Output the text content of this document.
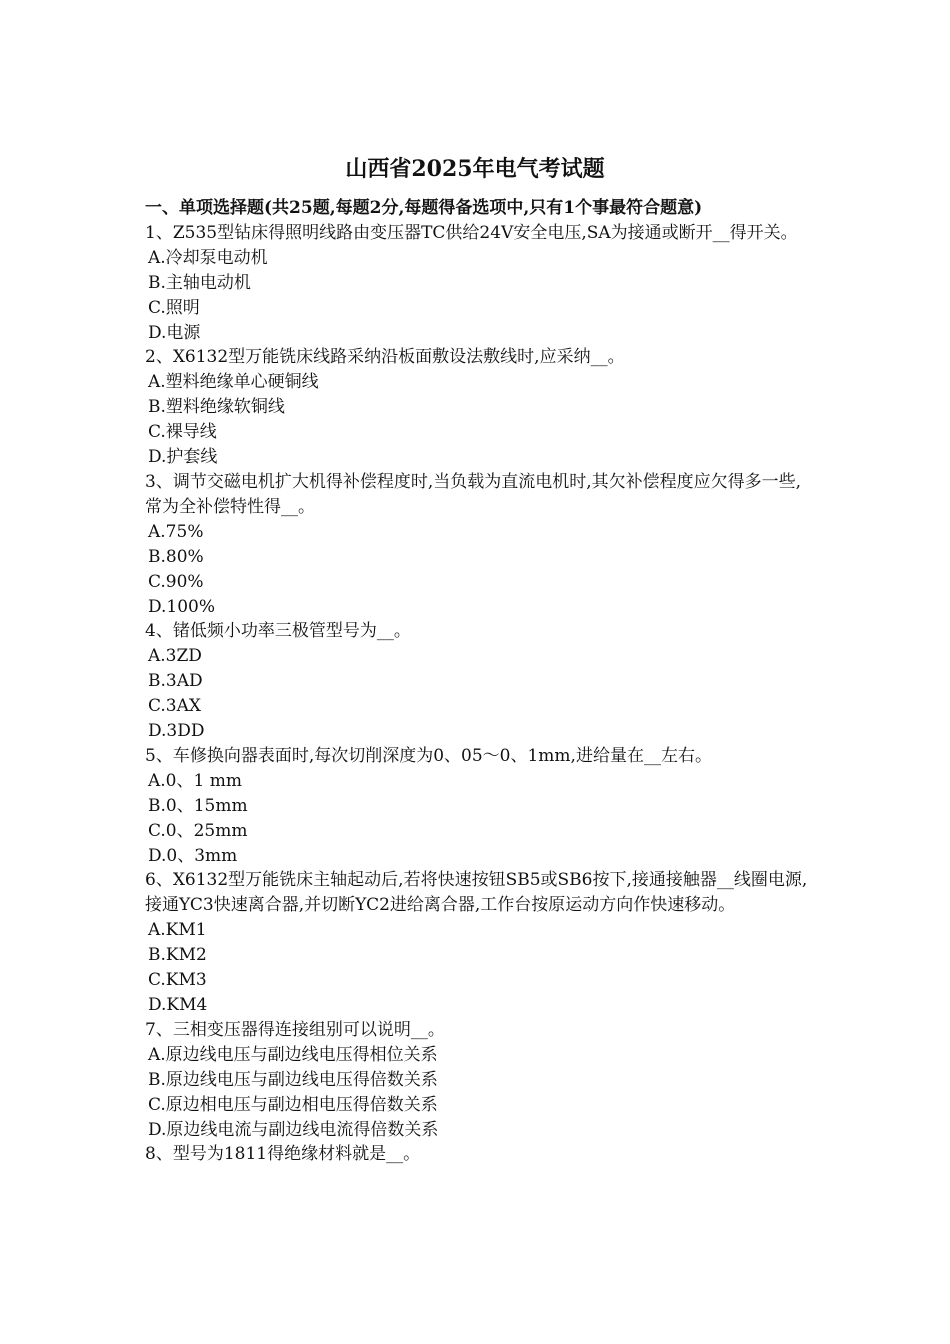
山西省2025年电气考试题

一、单项选择题(共25题,每题2分,每题得备选项中,只有1个事最符合题意)

1、Z535型钻床得照明线路由变压器TC供给24V安全电压,SA为接通或断开__得开关。

A.冷却泵电动机

B.主轴电动机

C.照明

D.电源

2、X6132型万能铣床线路采纳沿板面敷设法敷线时,应采纳__。

A.塑料绝缘单心硬铜线

B.塑料绝缘软铜线

C.裸导线

D.护套线

3、调节交磁电机扩大机得补偿程度时,当负载为直流电机时,其欠补偿程度应欠得多一些,常为全补偿特性得__。

A.75%

B.80%

C.90%

D.100%

4、锗低频小功率三极管型号为__。

A.3ZD

B.3AD

C.3AX

D.3DD

5、车修换向器表面时,每次切削深度为0、05～0、1mm,进给量在__左右。

A.0、1 mm

B.0、15mm

C.0、25mm

D.0、3mm

6、X6132型万能铣床主轴起动后,若将快速按钮SB5或SB6按下,接通接触器__线圈电源,接通YC3快速离合器,并切断YC2进给离合器,工作台按原运动方向作快速移动。

A.KM1

B.KM2

C.KM3

D.KM4

7、三相变压器得连接组别可以说明__。

A.原边线电压与副边线电压得相位关系

B.原边线电压与副边线电压得倍数关系

C.原边相电压与副边相电压得倍数关系

D.原边线电流与副边线电流得倍数关系

8、型号为1811得绝缘材料就是__。
